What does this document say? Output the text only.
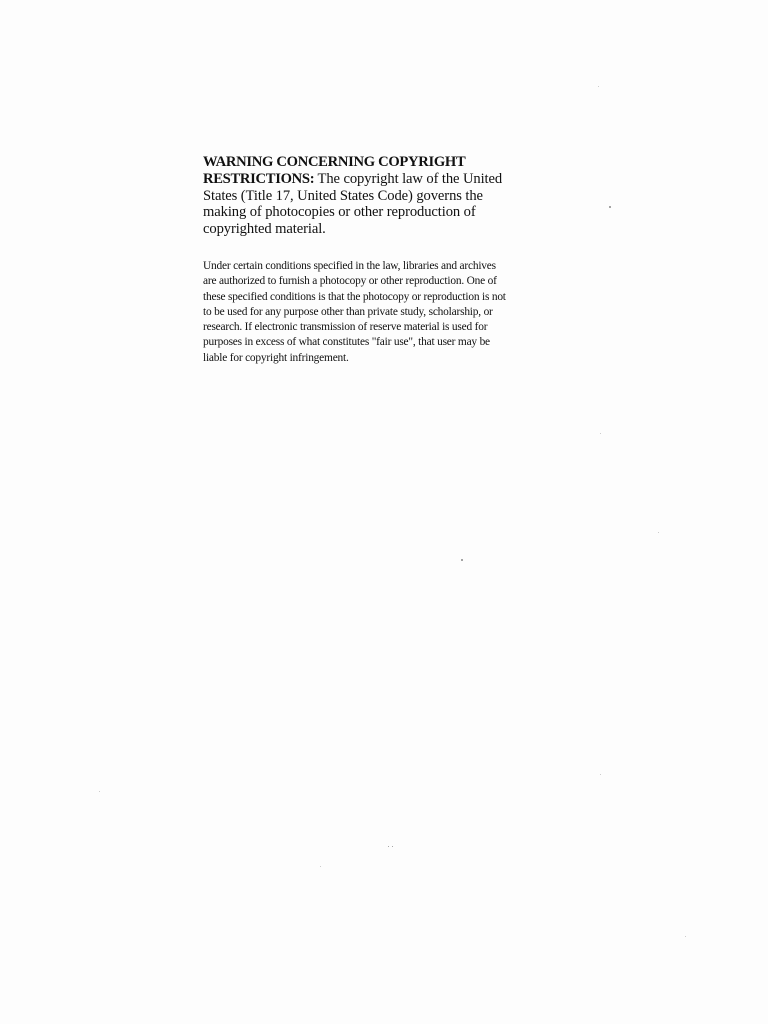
WARNING CONCERNING COPYRIGHT RESTRICTIONS: The copyright law of the United States (Title 17, United States Code) governs the making of photocopies or other reproduction of copyrighted material.

Under certain conditions specified in the law, libraries and archives are authorized to furnish a photocopy or other reproduction. One of these specified conditions is that the photocopy or reproduction is not to be used for any purpose other than private study, scholarship, or research. If electronic transmission of reserve material is used for purposes in excess of what constitutes "fair use", that user may be liable for copyright infringement.
